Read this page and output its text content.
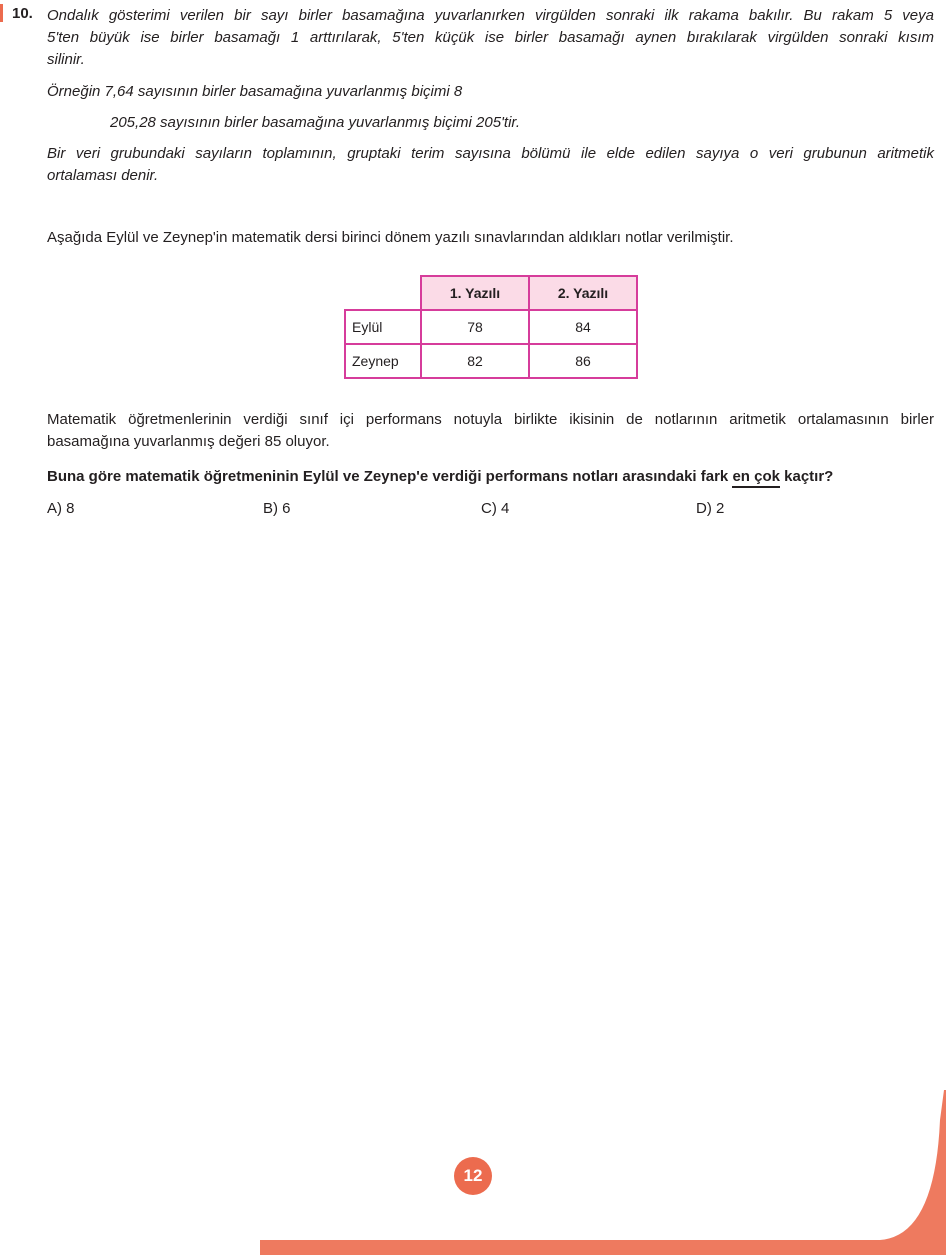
10. Ondalık gösterimi verilen bir sayı birler basamağına yuvarlanırken virgülden sonraki ilk rakama bakılır. Bu rakam 5 veya

5'ten büyük ise birler basamağı 1 arttırılarak, 5'ten küçük ise birler basamağı aynen bırakılarak virgülden sonraki kısım

silinir.

Örneğin 7,64 sayısının birler basamağına yuvarlanmış biçimi 8

205,28 sayısının birler basamağına yuvarlanmış biçimi 205'tir.

Bir veri grubundaki sayıların toplamının, gruptaki terim sayısına bölümü ile elde edilen sayıya o veri grubunun aritmetik

ortalaması denir.

Aşağıda Eylül ve Zeynep'in matematik dersi birinci dönem yazılı sınavlarından aldıkları notlar verilmiştir.

	1. Yazılı	2. Yazılı
Eylül	78	84
Zeynep	82	86

Matematik öğretmenlerinin verdiği sınıf içi performans notuyla birlikte ikisinin de notlarının aritmetik ortalamasının birler

basamağına yuvarlanmış değeri 85 oluyor.

Buna göre matematik öğretmeninin Eylül ve Zeynep'e verdiği performans notları arasındaki fark en çok kaçtır?

A) 8	B) 6	C) 4	D) 2
12
